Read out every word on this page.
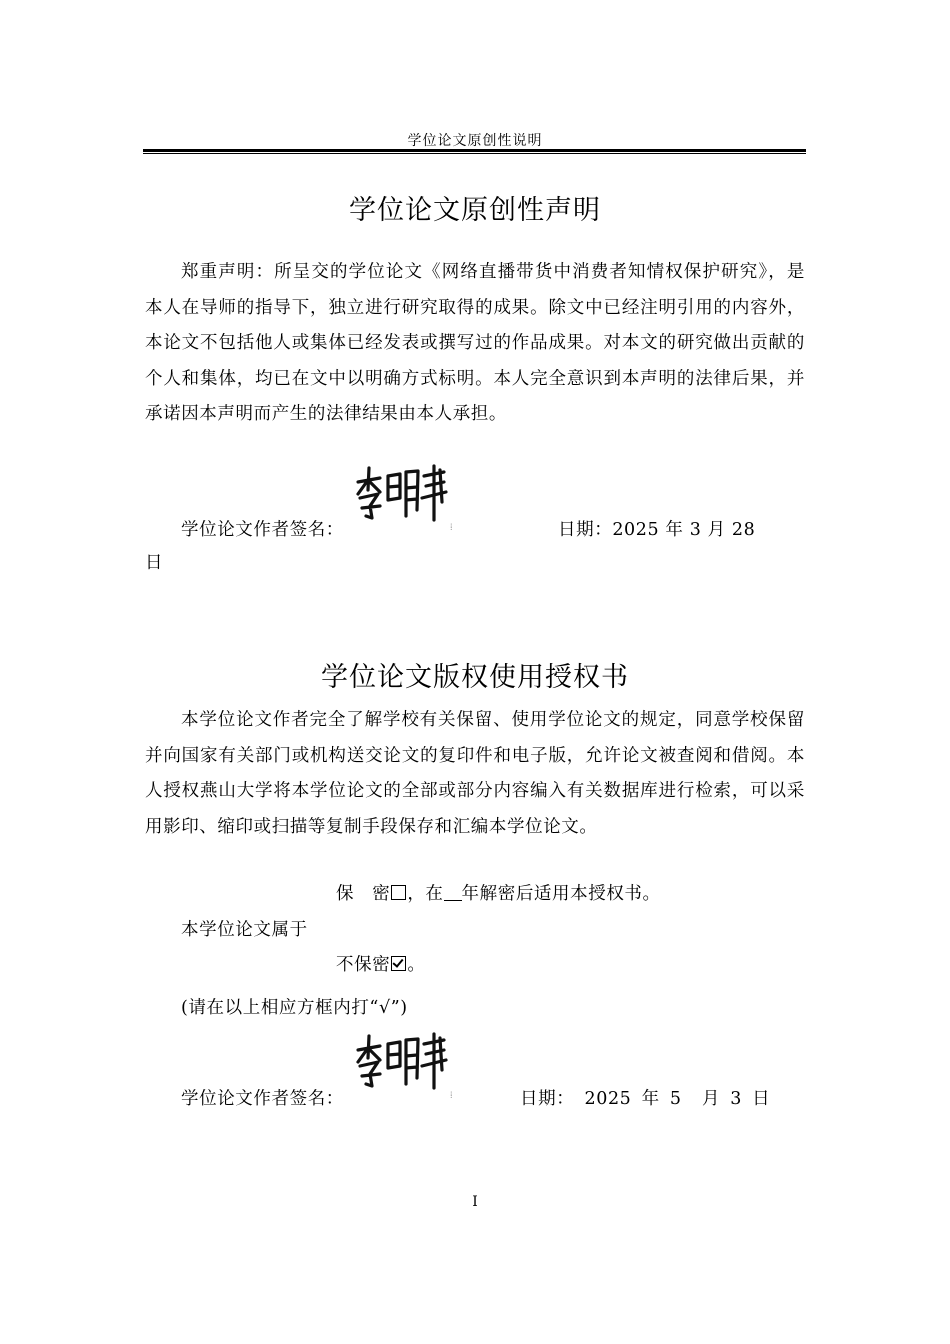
学位论文原创性说明
学位论文原创性声明
郑重声明：所呈交的学位论文《网络直播带货中消费者知情权保护研究》，是本人在导师的指导下，独立进行研究取得的成果。除文中已经注明引用的内容外，本论文不包括他人或集体已经发表或撰写过的作品成果。对本文的研究做出贡献的个人和集体，均已在文中以明确方式标明。本人完全意识到本声明的法律后果，并承诺因本声明而产生的法律结果由本人承担。
学位论文作者签名：	⁞	日期：2025 年 3 月 28
日
学位论文版权使用授权书
本学位论文作者完全了解学校有关保留、使用学位论文的规定，同意学校保留并向国家有关部门或机构送交论文的复印件和电子版，允许论文被查阅和借阅。本人授权燕山大学将本学位论文的全部或部分内容编入有关数据库进行检索，可以采用影印、缩印或扫描等复制手段保存和汇编本学位论文。
保　密 ，在 年解密后适用本授权书。
本学位论文属于
不保密 。
(请在以上相应方框内打“√”)
学位论文作者签名：	⁞	日期： 2025 年 5 月 3 日
I
